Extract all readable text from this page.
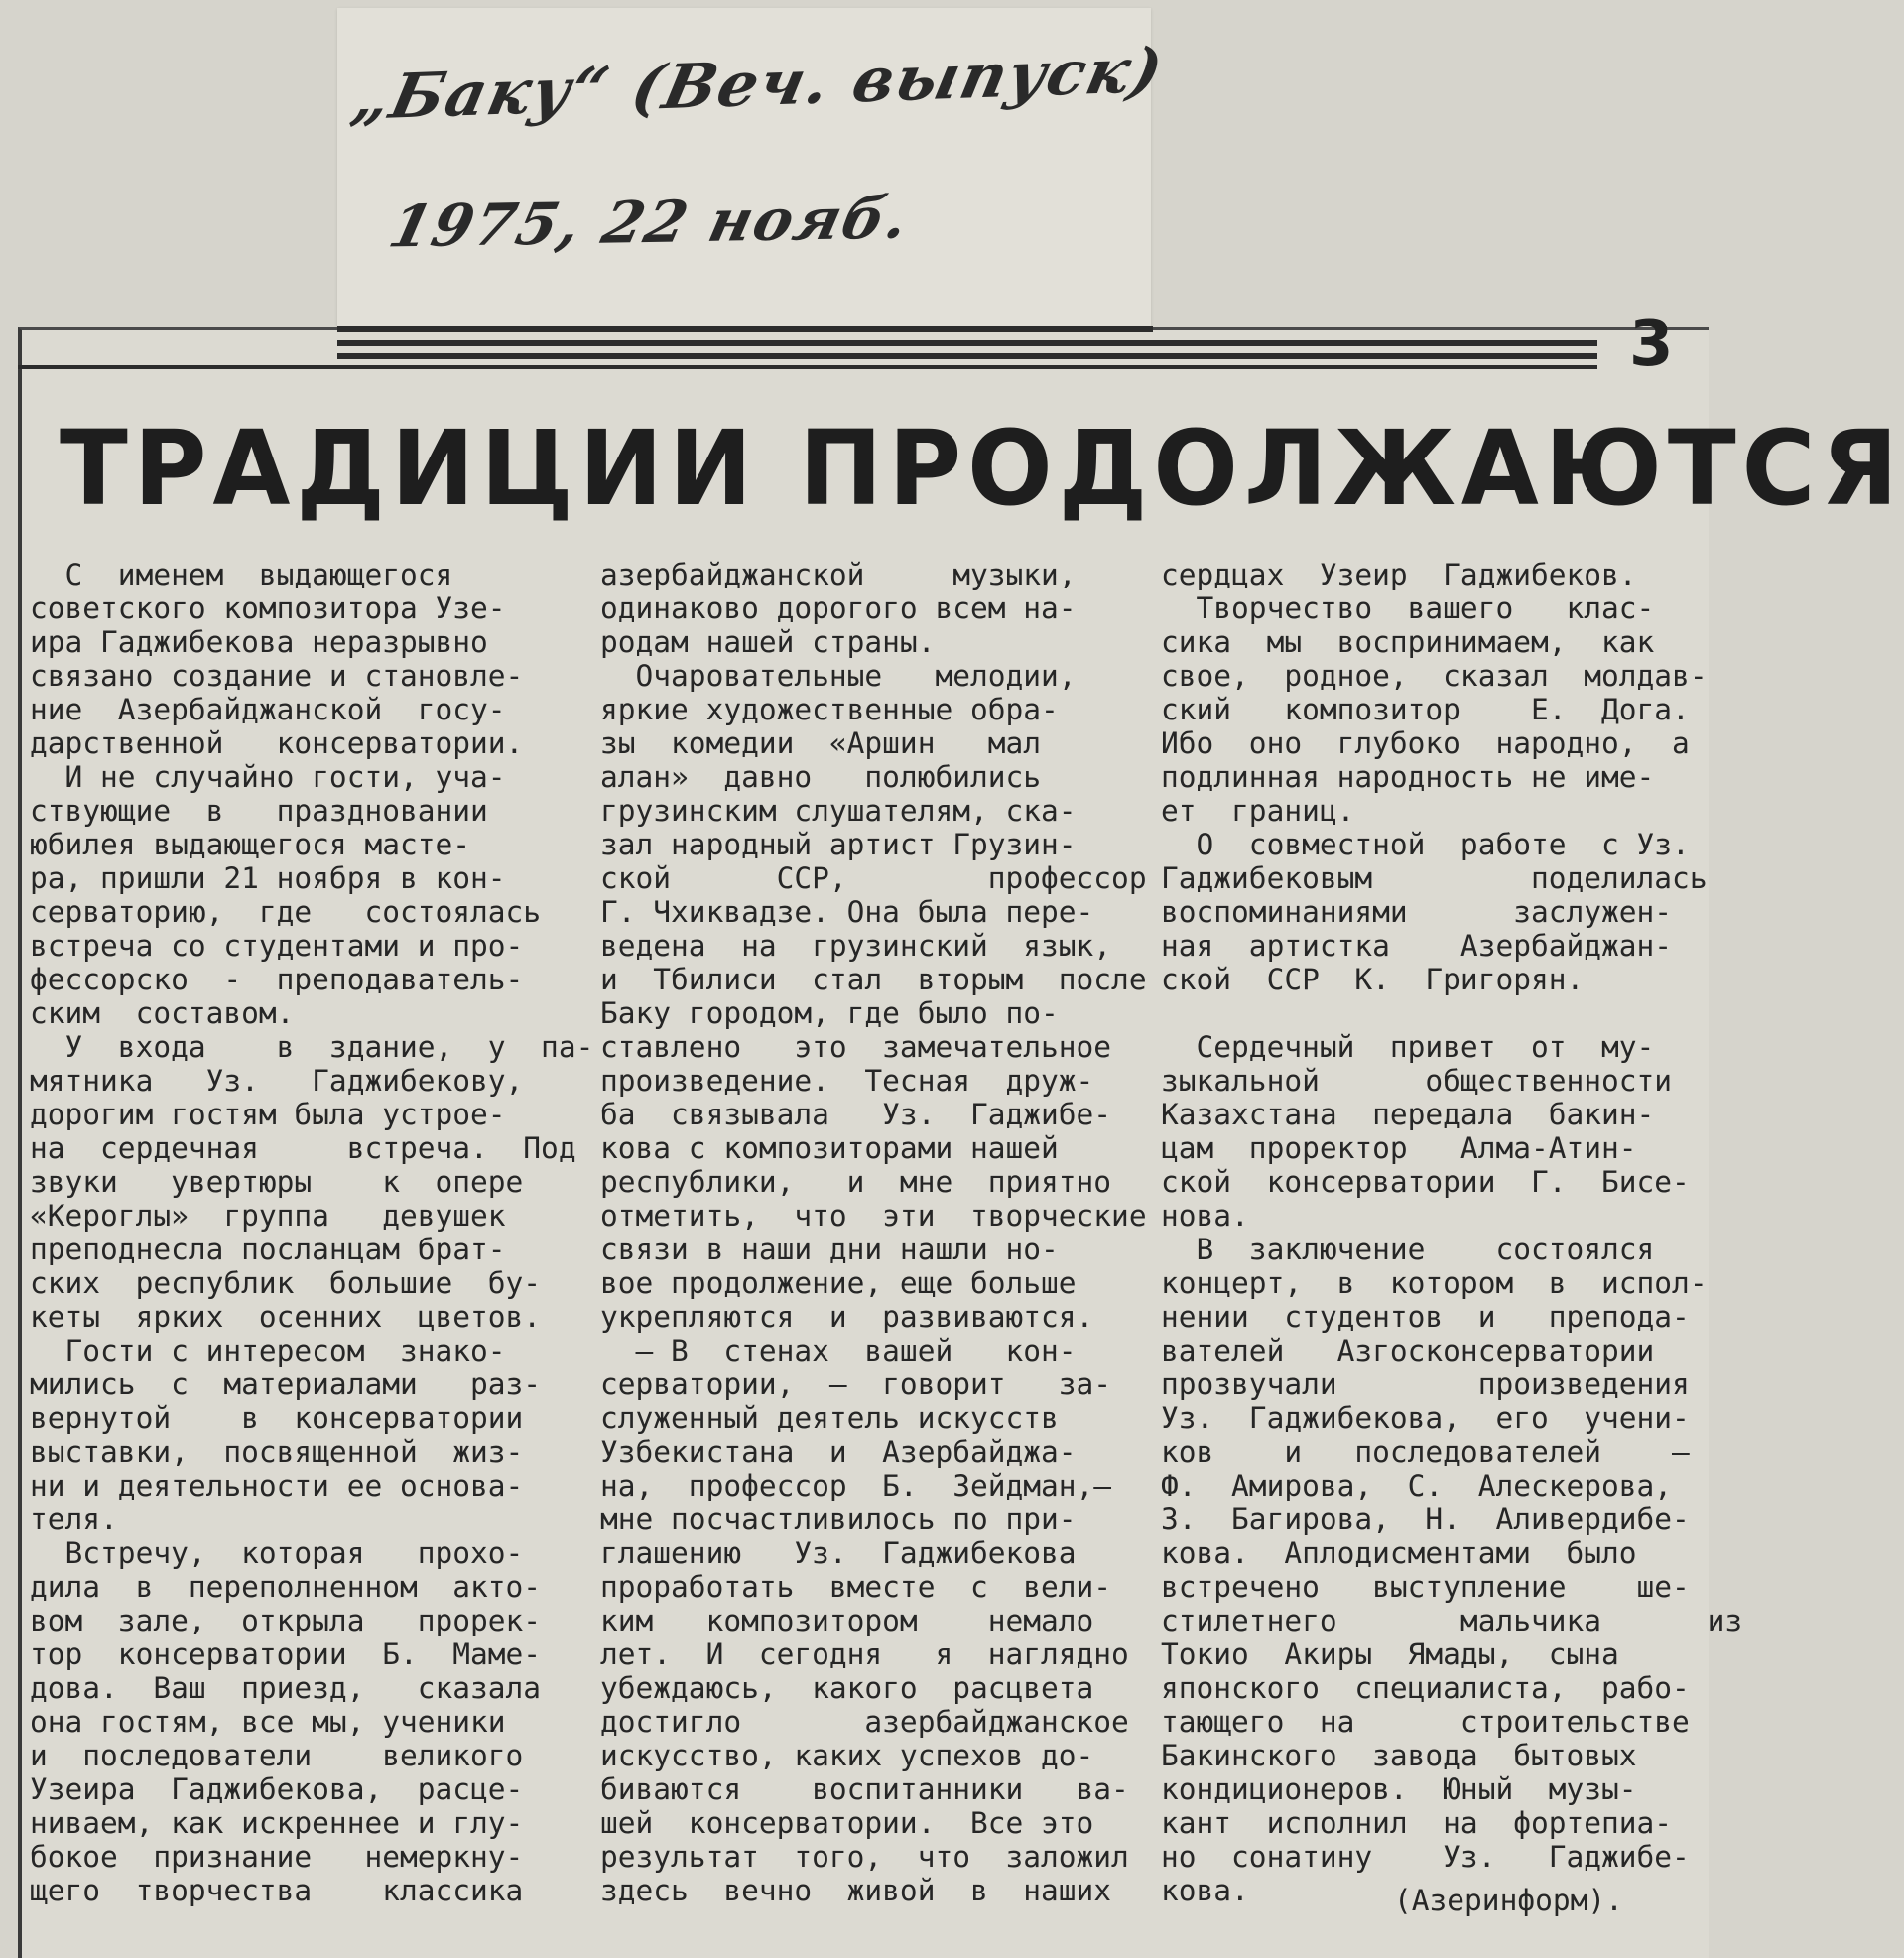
„Баку“ (Веч. выпуск)
1975, 22 нояб.
3
ТРАДИЦИИ ПРОДОЛЖАЮТСЯ

С  именем  выдающегося

советского композитора Узе-

ира Гаджибекова неразрывно

связано создание и становле-

ние  Азербайджанской  госу-

дарственной   консерватории.

И не случайно гости, уча-

ствующие  в   праздновании

юбилея выдающегося масте-

ра, пришли 21 ноября в кон-

серваторию,  где   состоялась

встреча со студентами и про-

фессорско  -  преподаватель-

ским  составом.

У  входа    в  здание,  у  па-

мятника   Уз.   Гаджибекову,

дорогим гостям была устрое-

на  сердечная     встреча.  Под

звуки   увертюры    к  опере

«Кероглы»  группа   девушек

преподнесла посланцам брат-

ских  республик  большие  бу-

кеты  ярких  осенних  цветов.

Гости с интересом  знако-

мились  с  материалами   раз-

вернутой    в  консерватории

выставки,  посвященной  жиз-

ни и деятельности ее основа-

теля.

Встречу,  которая   прохо-

дила  в  переполненном  акто-

вом  зале,  открыла   прорек-

тор  консерватории  Б.  Маме-

дова.  Ваш  приезд,   сказала

она гостям, все мы, ученики

и  последователи    великого

Узеира  Гаджибекова,  расце-

ниваем, как искреннее и глу-

бокое  признание   немеркну-

щего  творчества    классика

азербайджанской     музыки,

одинаково дорогого всем на-

родам нашей страны.

Очаровательные   мелодии,

яркие художественные обра-

зы  комедии  «Аршин   мал

алан»  давно   полюбились

грузинским слушателям, ска-

зал народный артист Грузин-

ской      ССР,        профессор

Г. Чхиквадзе. Она была пере-

ведена  на  грузинский  язык,

и  Тбилиси  стал  вторым  после

Баку городом, где было по-

ставлено   это  замечательное

произведение.  Тесная  друж-

ба  связывала   Уз.  Гаджибе-

кова с композиторами нашей

республики,   и  мне  приятно

отметить,  что  эти  творческие

связи в наши дни нашли но-

вое продолжение, еще больше

укрепляются  и  развиваются.

— В  стенах  вашей   кон-

серватории,  —  говорит   за-

служенный деятель искусств

Узбекистана  и  Азербайджа-

на,  профессор  Б.  Зейдман,—

мне посчастливилось по при-

глашению   Уз.  Гаджибекова

проработать  вместе  с  вели-

ким   композитором    немало

лет.  И  сегодня   я  наглядно

убеждаюсь,  какого  расцвета

достигло       азербайджанское

искусство, каких успехов до-

биваются    воспитанники   ва-

шей  консерватории.  Все это

результат  того,  что  заложил

здесь  вечно  живой  в  наших

сердцах  Узеир  Гаджибеков.

Творчество  вашего   клас-

сика  мы  воспринимаем,  как

свое,  родное,  сказал  молдав-

ский   композитор    Е.  Дога.

Ибо  оно  глубоко  народно,  а

подлинная народность не име-

ет  границ.

О  совместной  работе  с Уз.

Гаджибековым         поделилась

воспоминаниями      заслужен-

ная  артистка    Азербайджан-

ской  ССР  К.  Григорян.

Сердечный  привет  от  му-

зыкальной      общественности

Казахстана  передала  бакин-

цам  проректор   Алма-Атин-

ской  консерватории  Г.  Бисе-

нова.

В  заключение    состоялся

концерт,  в  котором  в  испол-

нении  студентов  и   препода-

вателей   Азгосконсерватории

прозвучали        произведения

Уз.  Гаджибекова,  его  учени-

ков    и   последователей    —

Ф.  Амирова,  С.  Алескерова,

З.  Багирова,  Н.  Аливердибе-

кова.  Аплодисментами  было

встречено   выступление    ше-

стилетнего       мальчика      из

Токио  Акиры  Ямады,  сына

японского  специалиста,  рабо-

тающего  на      строительстве

Бакинского  завода  бытовых

кондиционеров.  Юный  музы-

кант  исполнил  на  фортепиа-

но  сонатину    Уз.   Гаджибе-

кова.	(Азеринформ).
